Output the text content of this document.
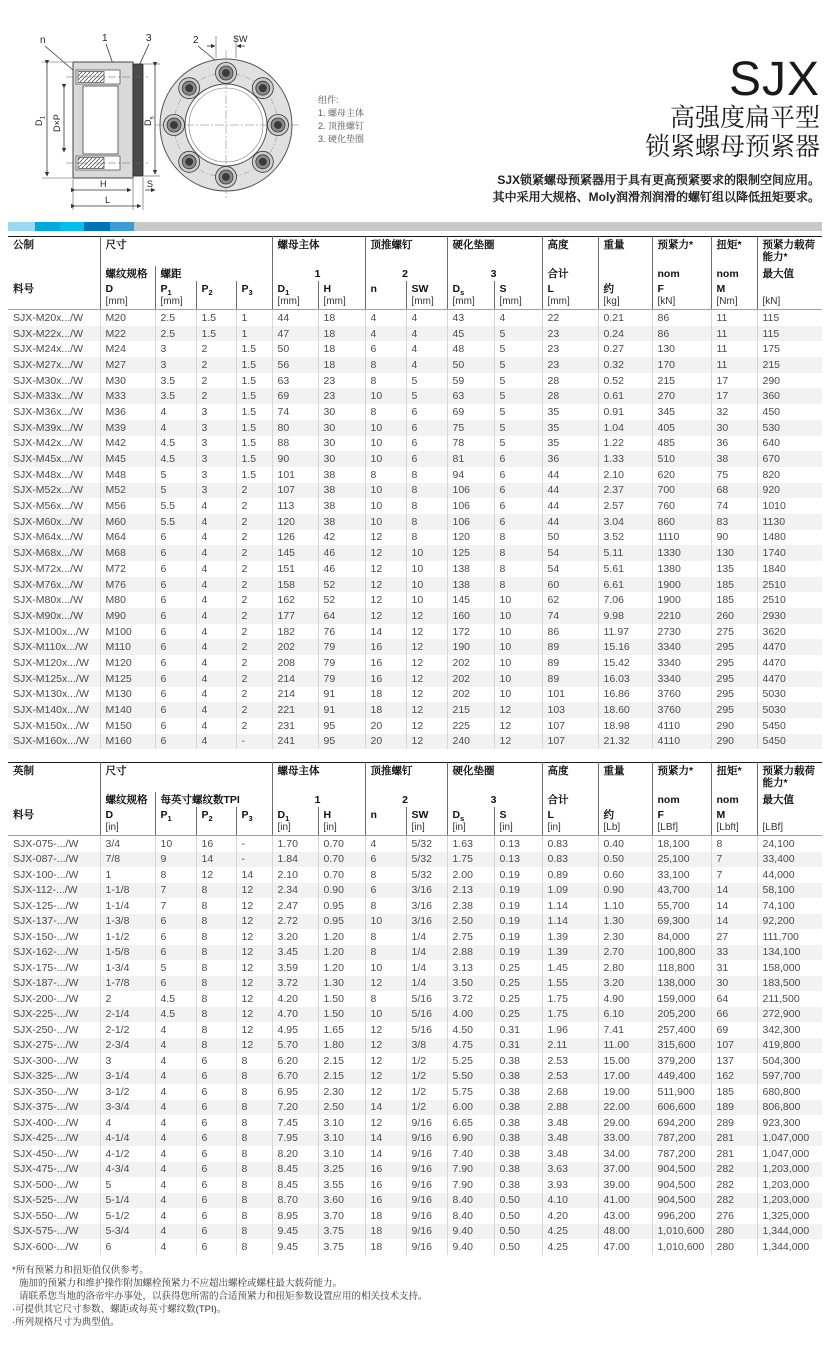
n	1	3
$D_1$ D×P	$D_s$
H	S
L
2	SW
组件:
1. 螺母主体
2. 顶推螺钉
3. 硬化垫圈
SJX
高强度扁平型
锁紧螺母预紧器
SJX锁紧螺母预紧器用于具有更高预紧要求的限制空间应用。
其中采用大规格、Moly润滑剂润滑的螺钉组以降低扭矩要求。
公制	尺寸				螺母主体		顶推螺钉		硬化垫圈		高度	重量	预紧力*	扭矩*	预紧力载荷能力*
	螺纹规格	螺距			1		2		3		合计		nom	nom	最大值
料号	D	$P_1$	$P_2$	$P_3$	$D_1$	H	n	SW	$D_s$	S	L	约	F	M	
	[mm]	[mm]			[mm]	[mm]		[mm]	[mm]	[mm]	[mm]	[kg]	[kN]	[Nm]	[kN]
SJX-M20x.../W	M20	2.5	1.5	1	44	18	4	4	43	4	22	0.21	86	11	115
SJX-M22x.../W	M22	2.5	1.5	1	47	18	4	4	45	5	23	0.24	86	11	115
SJX-M24x.../W	M24	3	2	1.5	50	18	6	4	48	5	23	0.27	130	11	175
SJX-M27x.../W	M27	3	2	1.5	56	18	8	4	50	5	23	0.32	170	11	215
SJX-M30x.../W	M30	3.5	2	1.5	63	23	8	5	59	5	28	0.52	215	17	290
SJX-M33x.../W	M33	3.5	2	1.5	69	23	10	5	63	5	28	0.61	270	17	360
SJX-M36x.../W	M36	4	3	1.5	74	30	8	6	69	5	35	0.91	345	32	450
SJX-M39x.../W	M39	4	3	1.5	80	30	10	6	75	5	35	1.04	405	30	530
SJX-M42x.../W	M42	4.5	3	1.5	88	30	10	6	78	5	35	1.22	485	36	640
SJX-M45x.../W	M45	4.5	3	1.5	90	30	10	6	81	6	36	1.33	510	38	670
SJX-M48x.../W	M48	5	3	1.5	101	38	8	8	94	6	44	2.10	620	75	820
SJX-M52x.../W	M52	5	3	2	107	38	10	8	106	6	44	2.37	700	68	920
SJX-M56x.../W	M56	5.5	4	2	113	38	10	8	106	6	44	2.57	760	74	1010
SJX-M60x.../W	M60	5.5	4	2	120	38	10	8	106	6	44	3.04	860	83	1130
SJX-M64x.../W	M64	6	4	2	126	42	12	8	120	8	50	3.52	1110	90	1480
SJX-M68x.../W	M68	6	4	2	145	46	12	10	125	8	54	5.11	1330	130	1740
SJX-M72x.../W	M72	6	4	2	151	46	12	10	138	8	54	5.61	1380	135	1840
SJX-M76x.../W	M76	6	4	2	158	52	12	10	138	8	60	6.61	1900	185	2510
SJX-M80x.../W	M80	6	4	2	162	52	12	10	145	10	62	7.06	1900	185	2510
SJX-M90x.../W	M90	6	4	2	177	64	12	12	160	10	74	9.98	2210	260	2930
SJX-M100x.../W	M100	6	4	2	182	76	14	12	172	10	86	11.97	2730	275	3620
SJX-M110x.../W	M110	6	4	2	202	79	16	12	190	10	89	15.16	3340	295	4470
SJX-M120x.../W	M120	6	4	2	208	79	16	12	202	10	89	15.42	3340	295	4470
SJX-M125x.../W	M125	6	4	2	214	79	16	12	202	10	89	16.03	3340	295	4470
SJX-M130x.../W	M130	6	4	2	214	91	18	12	202	10	101	16.86	3760	295	5030
SJX-M140x.../W	M140	6	4	2	221	91	18	12	215	12	103	18.60	3760	295	5030
SJX-M150x.../W	M150	6	4	2	231	95	20	12	225	12	107	18.98	4110	290	5450
SJX-M160x.../W	M160	6	4	-	241	95	20	12	240	12	107	21.32	4110	290	5450
英制	尺寸				螺母主体		顶推螺钉		硬化垫圈		高度	重量	预紧力*	扭矩*	预紧力载荷能力*
	螺纹规格	每英寸螺纹数TPI			1		2		3		合计		nom	nom	最大值
料号	D	$P_1$	$P_2$	$P_3$	$D_1$	H	n	SW	$D_s$	S	L	约	F	M	
	[in]				[in]	[in]		[in]	[in]	[in]	[in]	[Lb]	[LBf]	[Lbft]	[LBf]
SJX-075-.../W	3/4	10	16	-	1.70	0.70	4	5/32	1.63	0.13	0.83	0.40	18,100	8	24,100
SJX-087-.../W	7/8	9	14	-	1.84	0.70	6	5/32	1.75	0.13	0.83	0.50	25,100	7	33,400
SJX-100-.../W	1	8	12	14	2.10	0.70	8	5/32	2.00	0.19	0.89	0.60	33,100	7	44,000
SJX-112-.../W	1-1/8	7	8	12	2.34	0.90	6	3/16	2.13	0.19	1.09	0.90	43,700	14	58,100
SJX-125-.../W	1-1/4	7	8	12	2.47	0.95	8	3/16	2.38	0.19	1.14	1.10	55,700	14	74,100
SJX-137-.../W	1-3/8	6	8	12	2.72	0.95	10	3/16	2.50	0.19	1.14	1.30	69,300	14	92,200
SJX-150-.../W	1-1/2	6	8	12	3.20	1.20	8	1/4	2.75	0.19	1.39	2.30	84,000	27	111,700
SJX-162-.../W	1-5/8	6	8	12	3.45	1.20	8	1/4	2.88	0.19	1.39	2.70	100,800	33	134,100
SJX-175-.../W	1-3/4	5	8	12	3.59	1.20	10	1/4	3.13	0.25	1.45	2.80	118,800	31	158,000
SJX-187-.../W	1-7/8	6	8	12	3.72	1.30	12	1/4	3.50	0.25	1.55	3.20	138,000	30	183,500
SJX-200-.../W	2	4.5	8	12	4.20	1.50	8	5/16	3.72	0.25	1.75	4.90	159,000	64	211,500
SJX-225-.../W	2-1/4	4.5	8	12	4.70	1.50	10	5/16	4.00	0.25	1.75	6.10	205,200	66	272,900
SJX-250-.../W	2-1/2	4	8	12	4.95	1.65	12	5/16	4.50	0.31	1.96	7.41	257,400	69	342,300
SJX-275-.../W	2-3/4	4	8	12	5.70	1.80	12	3/8	4.75	0.31	2.11	11.00	315,600	107	419,800
SJX-300-.../W	3	4	6	8	6.20	2.15	12	1/2	5.25	0.38	2.53	15.00	379,200	137	504,300
SJX-325-.../W	3-1/4	4	6	8	6.70	2.15	12	1/2	5.50	0.38	2.53	17.00	449,400	162	597,700
SJX-350-.../W	3-1/2	4	6	8	6.95	2.30	12	1/2	5.75	0.38	2.68	19.00	511,900	185	680,800
SJX-375-.../W	3-3/4	4	6	8	7.20	2.50	14	1/2	6.00	0.38	2.88	22.00	606,600	189	806,800
SJX-400-.../W	4	4	6	8	7.45	3.10	12	9/16	6.65	0.38	3.48	29.00	694,200	289	923,300
SJX-425-.../W	4-1/4	4	6	8	7.95	3.10	14	9/16	6.90	0.38	3.48	33.00	787,200	281	1,047,000
SJX-450-.../W	4-1/2	4	6	8	8.20	3.10	14	9/16	7.40	0.38	3.48	34.00	787,200	281	1,047,000
SJX-475-.../W	4-3/4	4	6	8	8.45	3.25	16	9/16	7.90	0.38	3.63	37.00	904,500	282	1,203,000
SJX-500-.../W	5	4	6	8	8.45	3.55	16	9/16	7.90	0.38	3.93	39.00	904,500	282	1,203,000
SJX-525-.../W	5-1/4	4	6	8	8.70	3.60	16	9/16	8.40	0.50	4.10	41.00	904,500	282	1,203,000
SJX-550-.../W	5-1/2	4	6	8	8.95	3.70	18	9/16	8.40	0.50	4.20	43.00	996,200	276	1,325,000
SJX-575-.../W	5-3/4	4	6	8	9.45	3.75	18	9/16	9.40	0.50	4.25	48.00	1,010,600	280	1,344,000
SJX-600-.../W	6	4	6	8	9.45	3.75	18	9/16	9.40	0.50	4.25	47.00	1,010,600	280	1,344,000
*所有预紧力和扭矩值仅供参考。
施加的预紧力和维护操作附加螺栓预紧力不应超出螺栓或螺柱最大载荷能力。
请联系您当地的洛帝牢办事处，以获得您所需的合适预紧力和扭矩参数设置应用的相关技术支持。
·可提供其它尺寸参数、螺距或每英寸螺纹数(TPI)。
·所列规格尺寸为典型值。
